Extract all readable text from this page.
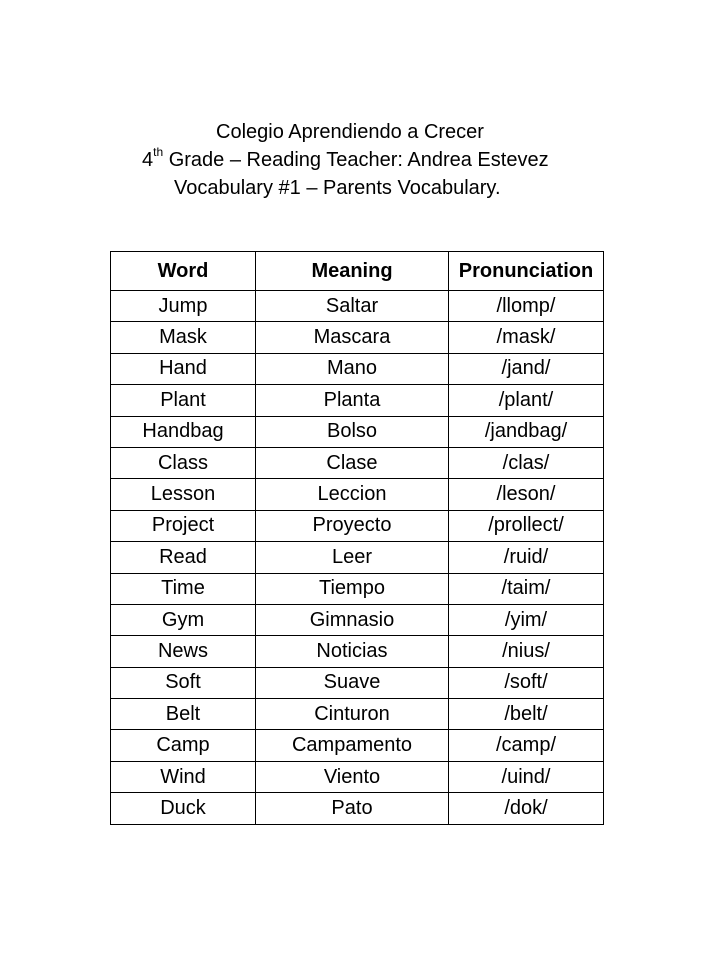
Colegio Aprendiendo a Crecer
4th Grade – Reading Teacher: Andrea Estevez
Vocabulary #1 – Parents Vocabulary.
Word	Meaning	Pronunciation
Jump	Saltar	/llomp/
Mask	Mascara	/mask/
Hand	Mano	/jand/
Plant	Planta	/plant/
Handbag	Bolso	/jandbag/
Class	Clase	/clas/
Lesson	Leccion	/leson/
Project	Proyecto	/prollect/
Read	Leer	/ruid/
Time	Tiempo	/taim/
Gym	Gimnasio	/yim/
News	Noticias	/nius/
Soft	Suave	/soft/
Belt	Cinturon	/belt/
Camp	Campamento	/camp/
Wind	Viento	/uind/
Duck	Pato	/dok/
